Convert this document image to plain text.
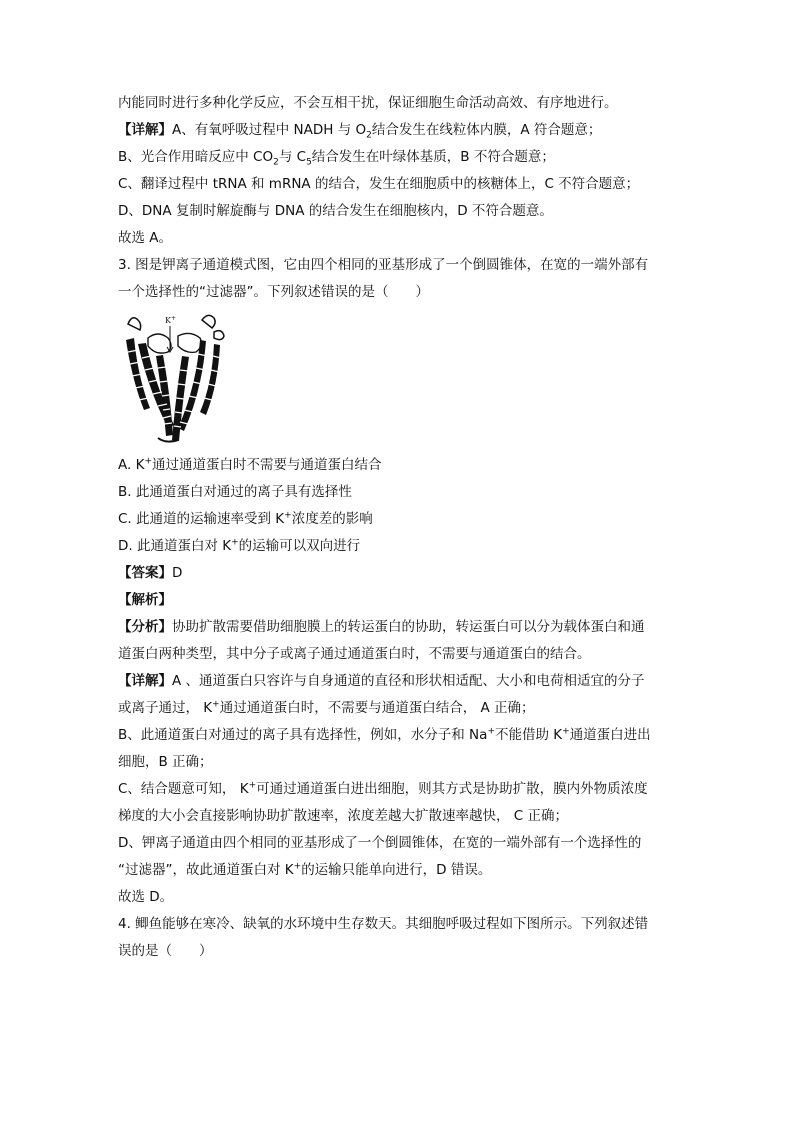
内能同时进行多种化学反应，不会互相干扰，保证细胞生命活动高效、有序地进行。
【详解】A、有氧呼吸过程中 NADH 与 $O_2$结合发生在线粒体内膜，A 符合题意；
B、光合作用暗反应中 $CO_2$与 $C_5$结合发生在叶绿体基质，B 不符合题意；
C、翻译过程中 tRNA 和 mRNA 的结合，发生在细胞质中的核糖体上，C 不符合题意；
D、DNA 复制时解旋酶与 DNA 的结合发生在细胞核内，D 不符合题意。
故选 A。
3. 图是钾离子通道模式图，它由四个相同的亚基形成了一个倒圆锥体，在宽的一端外部有
一个选择性的“过滤器”。下列叙述错误的是（　　）
K+
A. K+通过通道蛋白时不需要与通道蛋白结合
B. 此通道蛋白对通过的离子具有选择性
C. 此通道的运输速率受到 K+浓度差的影响
D. 此通道蛋白对 K+的运输可以双向进行
【答案】D
【解析】
【分析】协助扩散需要借助细胞膜上的转运蛋白的协助，转运蛋白可以分为载体蛋白和通
道蛋白两种类型，其中分子或离子通过通道蛋白时，不需要与通道蛋白的结合。
【详解】A 、通道蛋白只容许与自身通道的直径和形状相适配、大小和电荷相适宜的分子
或离子通过， K+通过通道蛋白时，不需要与通道蛋白结合， A 正确；
B、此通道蛋白对通过的离子具有选择性，例如，水分子和 Na+不能借助 K+通道蛋白进出
细胞，B 正确；
C、结合题意可知， K+可通过通道蛋白进出细胞，则其方式是协助扩散，膜内外物质浓度
梯度的大小会直接影响协助扩散速率，浓度差越大扩散速率越快， C 正确；
D、钾离子通道由四个相同的亚基形成了一个倒圆锥体，在宽的一端外部有一个选择性的
“过滤器”，故此通道蛋白对 K+的运输只能单向进行，D 错误。
故选 D。
4. 鲫鱼能够在寒冷、缺氧的水环境中生存数天。其细胞呼吸过程如下图所示。下列叙述错
误的是（　　）
